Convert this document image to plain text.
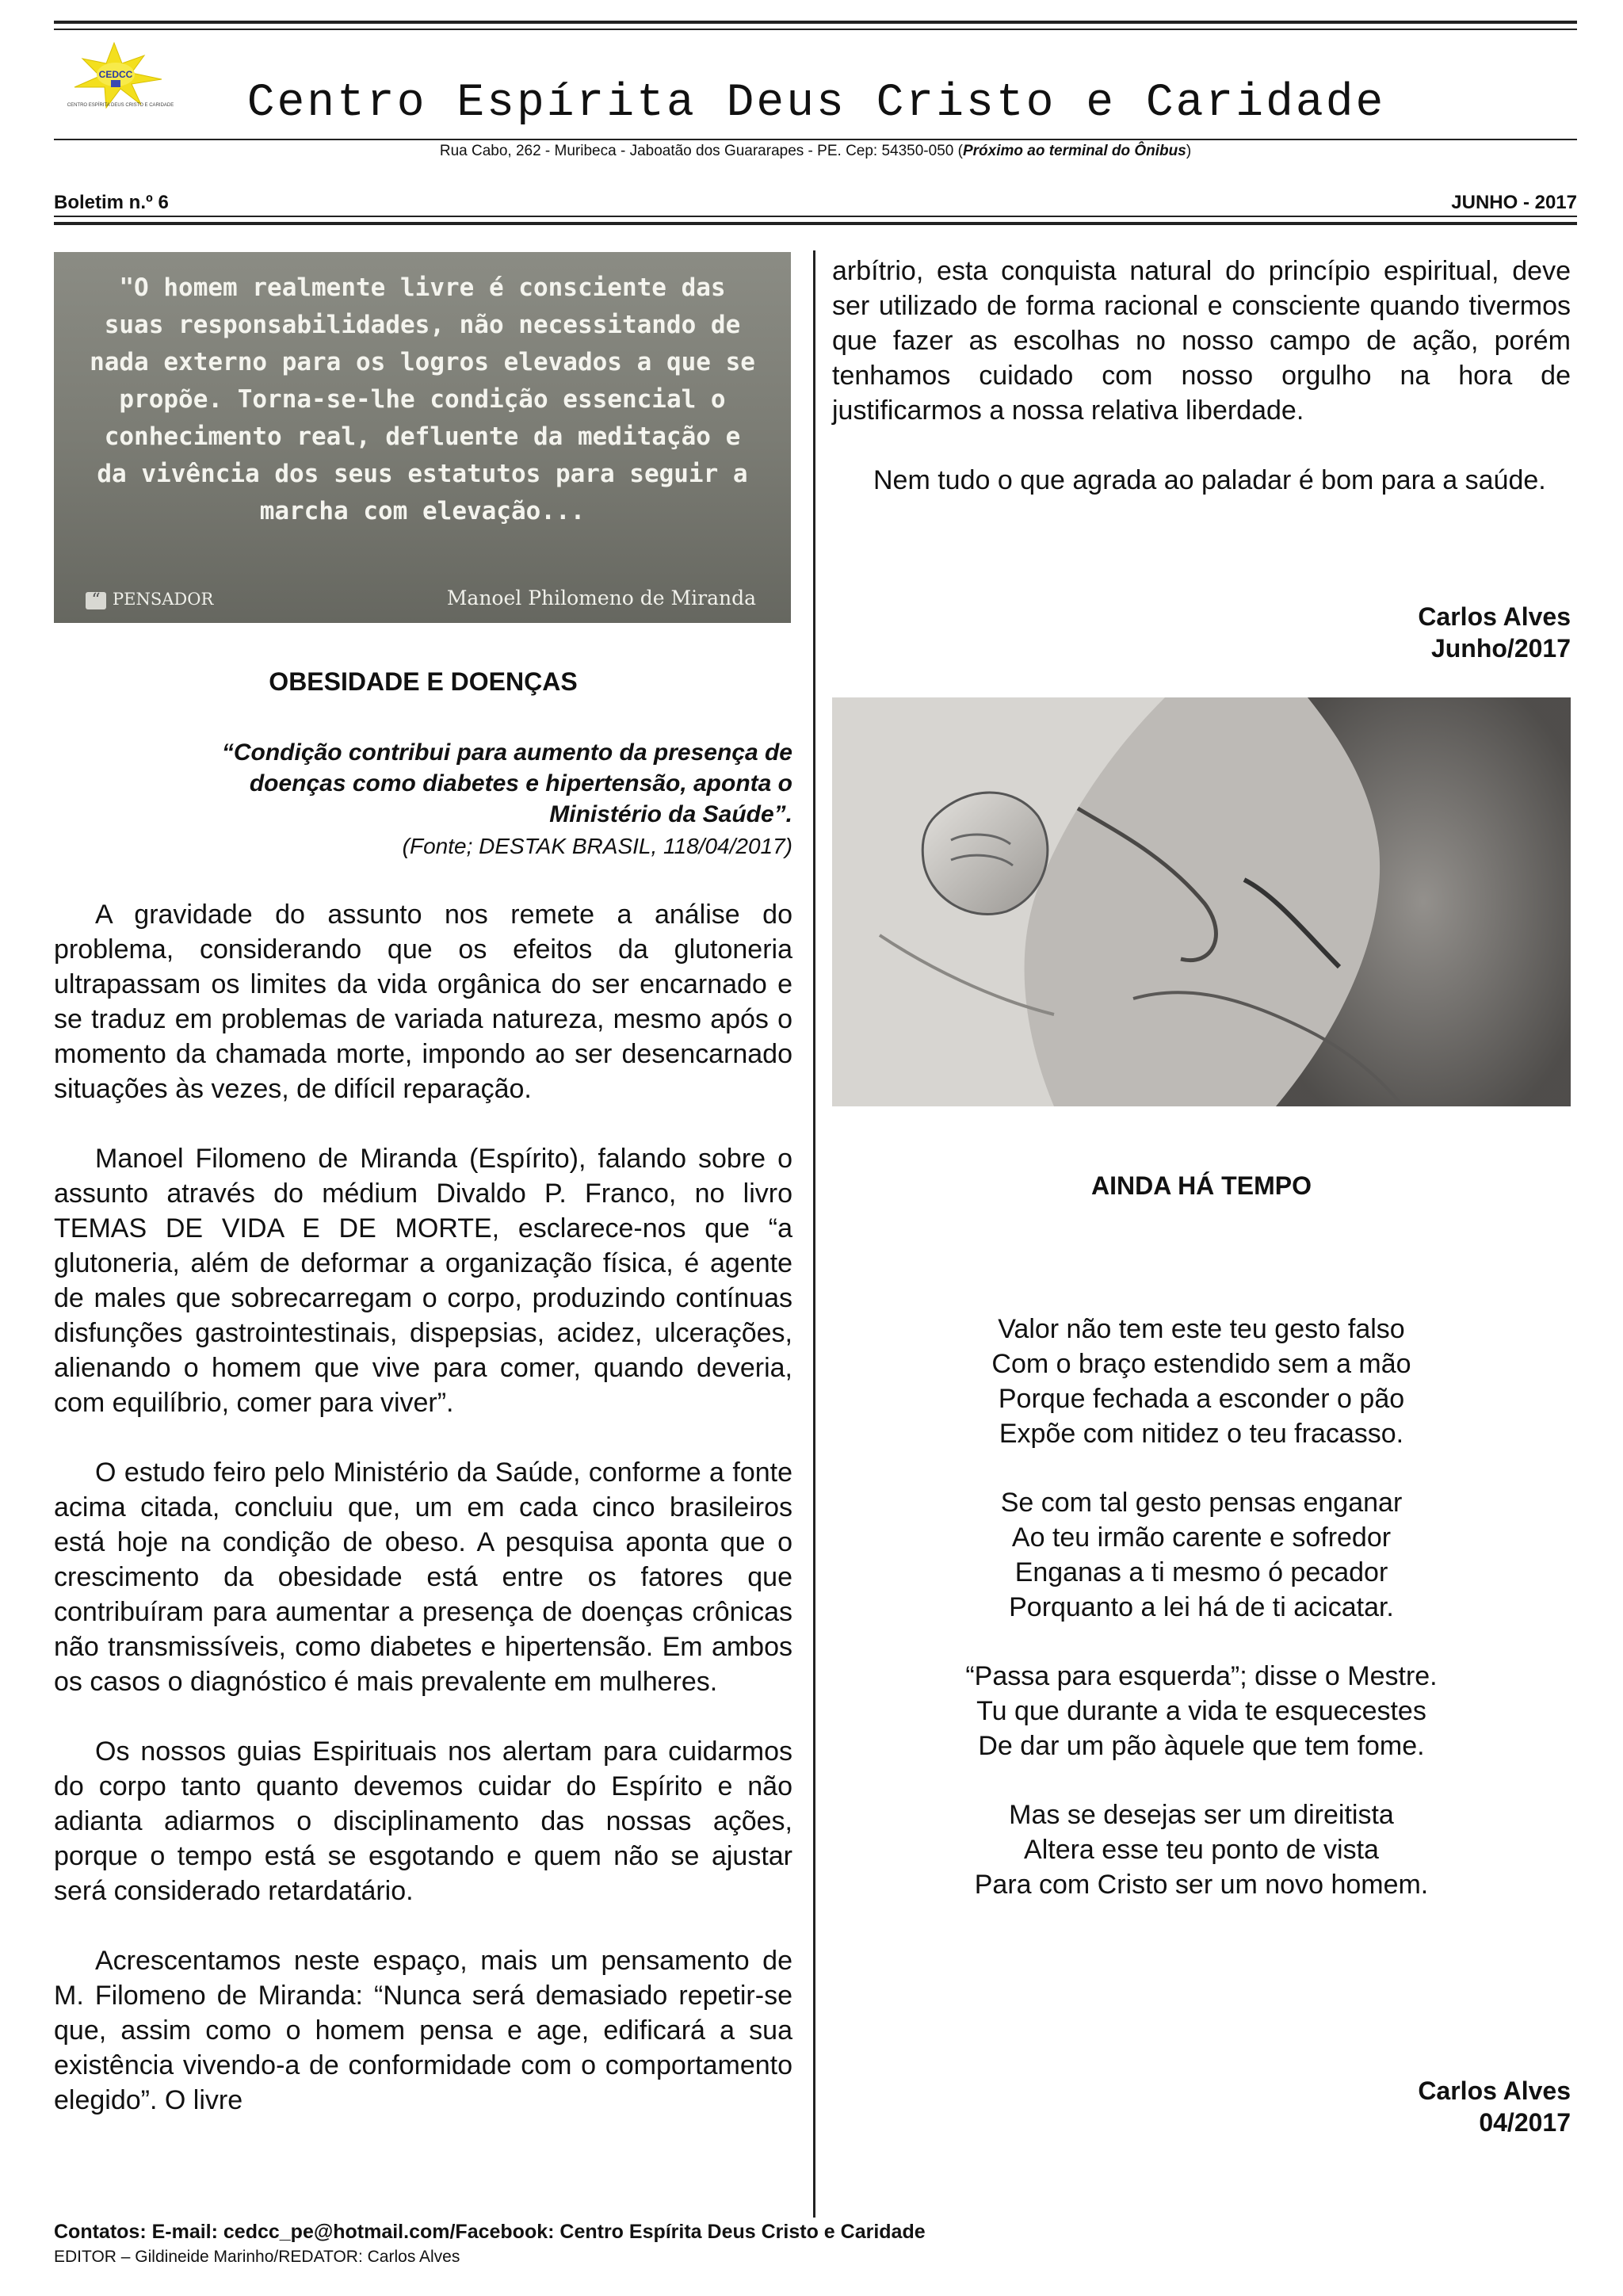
CEDCC
CENTRO ESPÍRITA DEUS CRISTO E CARIDADE	Centro Espírita Deus Cristo e Caridade
Rua Cabo, 262 - Muribeca - Jaboatão dos Guararapes - PE. Cep: 54350-050 (Próximo ao terminal do Ônibus)
Boletim n.º 6	JUNHO - 2017
"O homem realmente livre é consciente das suas responsabilidades, não necessitando de nada externo para os logros elevados a que se propõe. Torna-se-lhe condição essencial o conhecimento real, defluente da meditação e da vivência dos seus estatutos para seguir a marcha com elevação...
“ PENSADOR	Manoel Philomeno de Miranda
OBESIDADE E DOENÇAS
“Condição contribui para aumento da presença de doenças como diabetes e hipertensão, aponta o Ministério da Saúde”.
(Fonte; DESTAK BRASIL, 118/04/2017)

A gravidade do assunto nos remete a análise do problema, considerando que os efeitos da glutoneria ultrapassam os limites da vida orgânica do ser encarnado e se traduz em problemas de variada natureza, mesmo após o momento da chamada morte, impondo ao ser desencarnado situações às vezes, de difícil reparação.

Manoel Filomeno de Miranda (Espírito), falando sobre o assunto através do médium Divaldo P. Franco, no livro TEMAS DE VIDA E DE MORTE, esclarece-nos que “a glutoneria, além de deformar a organização física, é agente de males que sobrecarregam o corpo, produzindo contínuas disfunções gastrointestinais, dispepsias, acidez, ulcerações, alienando o homem que vive para comer, quando deveria, com equilíbrio, comer para viver”.

O estudo feiro pelo Ministério da Saúde, conforme a fonte acima citada, concluiu que, um em cada cinco brasileiros está hoje na condição de obeso. A pesquisa aponta que o crescimento da obesidade está entre os fatores que contribuíram para aumentar a presença de doenças crônicas não transmissíveis, como diabetes e hipertensão. Em ambos os casos o diagnóstico é mais prevalente em mulheres.

Os nossos guias Espirituais nos alertam para cuidarmos do corpo tanto quanto devemos cuidar do Espírito e não adianta adiarmos o disciplinamento das nossas ações, porque o tempo está se esgotando e quem não se ajustar será considerado retardatário.

Acrescentamos neste espaço, mais um pensamento de M. Filomeno de Miranda: “Nunca será demasiado repetir-se que, assim como o homem pensa e age, edificará a sua existência vivendo-a de conformidade com o comportamento elegido”. O livre

arbítrio, esta conquista natural do princípio espiritual, deve ser utilizado de forma racional e consciente quando tivermos que fazer as escolhas no nosso campo de ação, porém tenhamos cuidado com nosso orgulho na hora de justificarmos a nossa relativa liberdade.

Nem tudo o que agrada ao paladar é bom para a saúde.

Carlos Alves
Junho/2017
AINDA HÁ TEMPO
Valor não tem este teu gesto falso
Com o braço estendido sem a mão
Porque fechada a esconder o pão
Expõe com nitidez o teu fracasso.
Se com tal gesto pensas enganar
Ao teu irmão carente e sofredor
Enganas a ti mesmo ó pecador
Porquanto a lei há de ti acicatar.
“Passa para esquerda”; disse o Mestre.
Tu que durante a vida te esquecestes
De dar um pão àquele que tem fome.
Mas se desejas ser um direitista
Altera esse teu ponto de vista
Para com Cristo ser um novo homem.
Carlos Alves
04/2017
Contatos: E-mail: cedcc_pe@hotmail.com/Facebook: Centro Espírita Deus Cristo e Caridade
EDITOR – Gildineide Marinho/REDATOR: Carlos Alves
